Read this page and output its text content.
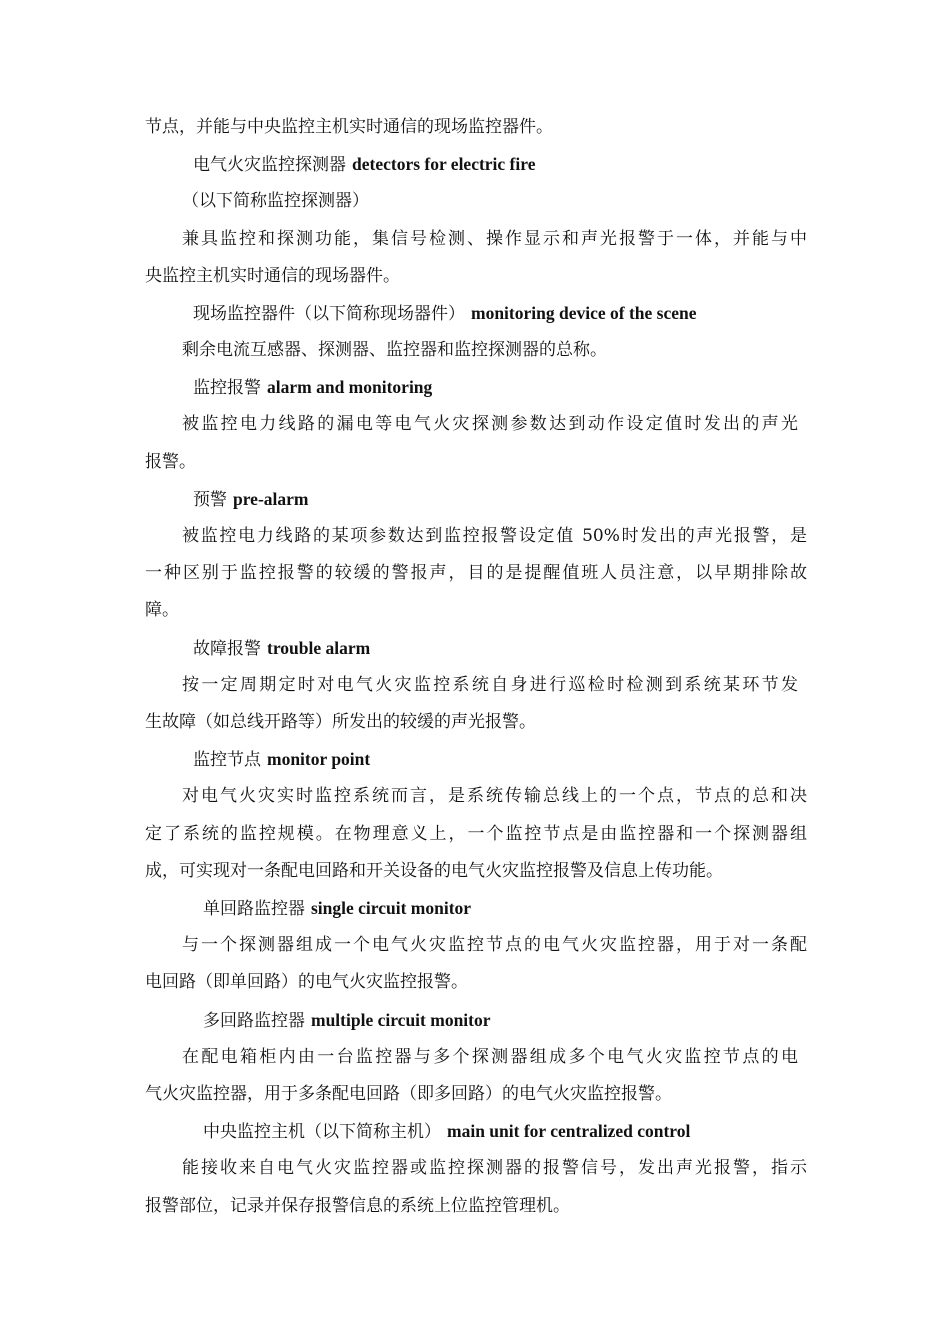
节点，并能与中央监控主机实时通信的现场监控器件。
电气火灾监控探测器 detectors for electric fire
（以下简称监控探测器）
兼具监控和探测功能，集信号检测、操作显示和声光报警于一体，并能与中
央监控主机实时通信的现场器件。
现场监控器件（以下简称现场器件） monitoring device of the scene
剩余电流互感器、探测器、监控器和监控探测器的总称。
监控报警 alarm and monitoring
被监控电力线路的漏电等电气火灾探测参数达到动作设定值时发出的声光
报警。
预警 pre-alarm
被监控电力线路的某项参数达到监控报警设定值 50%时发出的声光报警，是
一种区别于监控报警的较缓的警报声，目的是提醒值班人员注意，以早期排除故
障。
故障报警 trouble alarm
按一定周期定时对电气火灾监控系统自身进行巡检时检测到系统某环节发
生故障（如总线开路等）所发出的较缓的声光报警。
监控节点 monitor point
对电气火灾实时监控系统而言，是系统传输总线上的一个点，节点的总和决
定了系统的监控规模。在物理意义上，一个监控节点是由监控器和一个探测器组
成，可实现对一条配电回路和开关设备的电气火灾监控报警及信息上传功能。
单回路监控器 single circuit monitor
与一个探测器组成一个电气火灾监控节点的电气火灾监控器，用于对一条配
电回路（即单回路）的电气火灾监控报警。
多回路监控器 multiple circuit monitor
在配电箱柜内由一台监控器与多个探测器组成多个电气火灾监控节点的电
气火灾监控器，用于多条配电回路（即多回路）的电气火灾监控报警。
中央监控主机（以下简称主机） main unit for centralized control
能接收来自电气火灾监控器或监控探测器的报警信号，发出声光报警，指示
报警部位，记录并保存报警信息的系统上位监控管理机。
